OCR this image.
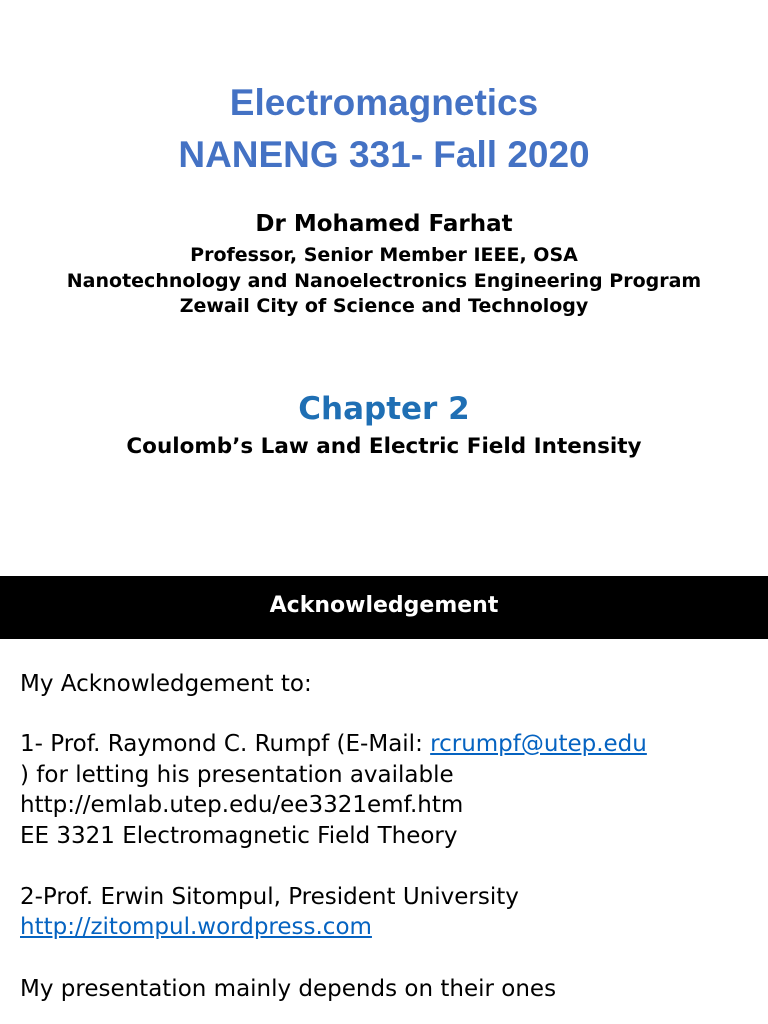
Electromagnetics
NANENG 331- Fall 2020
Dr Mohamed Farhat
Professor, Senior Member IEEE, OSA
Nanotechnology and Nanoelectronics Engineering Program
Zewail City of Science and Technology
Chapter 2
Coulomb’s Law and Electric Field Intensity
Acknowledgement
My Acknowledgement to:
1- Prof. Raymond C. Rumpf (E-Mail: rcrumpf@utep.edu
) for letting his presentation available
http://emlab.utep.edu/ee3321emf.htm
EE 3321 Electromagnetic Field Theory
2-Prof. Erwin Sitompul, President University
http://zitompul.wordpress.com
My presentation mainly depends on their ones
